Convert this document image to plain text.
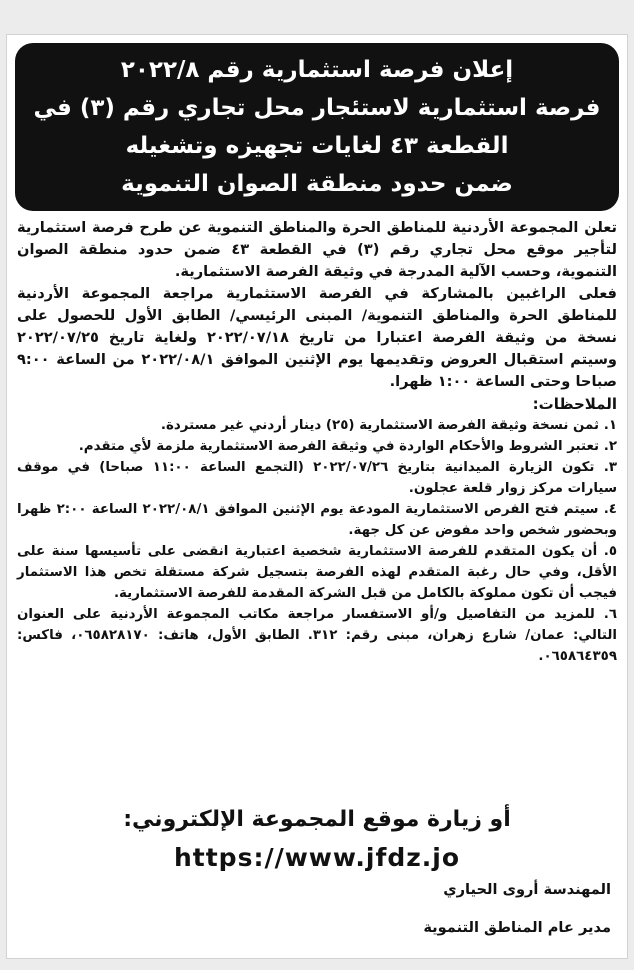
إعلان فرصة استثمارية رقم ٢٠٢٢/٨
فرصة استثمارية لاستئجار محل تجاري رقم (٣) في
القطعة ٤٣ لغايات تجهيزه وتشغيله
ضمن حدود منطقة الصوان التنموية

تعلن المجموعة الأردنية للمناطق الحرة والمناطق التنموية عن طرح فرصة استثمارية لتأجير موقع محل تجاري رقم (٣) في القطعة ٤٣ ضمن حدود منطقة الصوان التنموية، وحسب الآلية المدرجة في وثيقة الفرصة الاستثمارية.

فعلى الراغبين بالمشاركة في الفرصة الاستثمارية مراجعة المجموعة الأردنية للمناطق الحرة والمناطق التنموية/ المبنى الرئيسي/ الطابق الأول للحصول على نسخة من وثيقة الفرصة اعتبارا من تاريخ ٢٠٢٢/٠٧/١٨ ولغاية تاريخ ٢٠٢٢/٠٧/٢٥ وسيتم استقبال العروض وتقديمها يوم الإثنين الموافق ٢٠٢٢/٠٨/١ من الساعة ٩:٠٠ صباحا وحتى الساعة ١:٠٠ ظهرا.

الملاحظات:

١. ثمن نسخة وثيقة الفرصة الاستثمارية (٢٥) دينار أردني غير مستردة.

٢. تعتبر الشروط والأحكام الواردة في وثيقة الفرصة الاستثمارية ملزمة لأي متقدم.

٣. تكون الزيارة الميدانية بتاريخ ٢٠٢٢/٠٧/٢٦ (التجمع الساعة ١١:٠٠ صباحا) في موقف سيارات مركز زوار قلعة عجلون.

٤. سيتم فتح الفرص الاستثمارية المودعة يوم الإثنين الموافق ٢٠٢٢/٠٨/١ الساعة ٢:٠٠ ظهرا وبحضور شخص واحد مفوض عن كل جهة.

٥. أن يكون المتقدم للفرصة الاستثمارية شخصية اعتبارية انقضى على تأسيسها سنة على الأقل، وفي حال رغبة المتقدم لهذه الفرصة بتسجيل شركة مستقلة تخص هذا الاستثمار فيجب أن تكون مملوكة بالكامل من قبل الشركة المقدمة للفرصة الاستثمارية.

٦. للمزيد من التفاصيل و/أو الاستفسار مراجعة مكاتب المجموعة الأردنية على العنوان التالي: عمان/ شارع زهران، مبنى رقم: ٣١٢. الطابق الأول، هاتف: ٠٦٥٨٢٨١٧٠، فاكس: ٠٦٥٨٦٤٣٥٩.

أو زيارة موقع المجموعة الإلكتروني:
https://www.jfdz.jo
المهندسة أروى الحياري
مدير عام المناطق التنموية
